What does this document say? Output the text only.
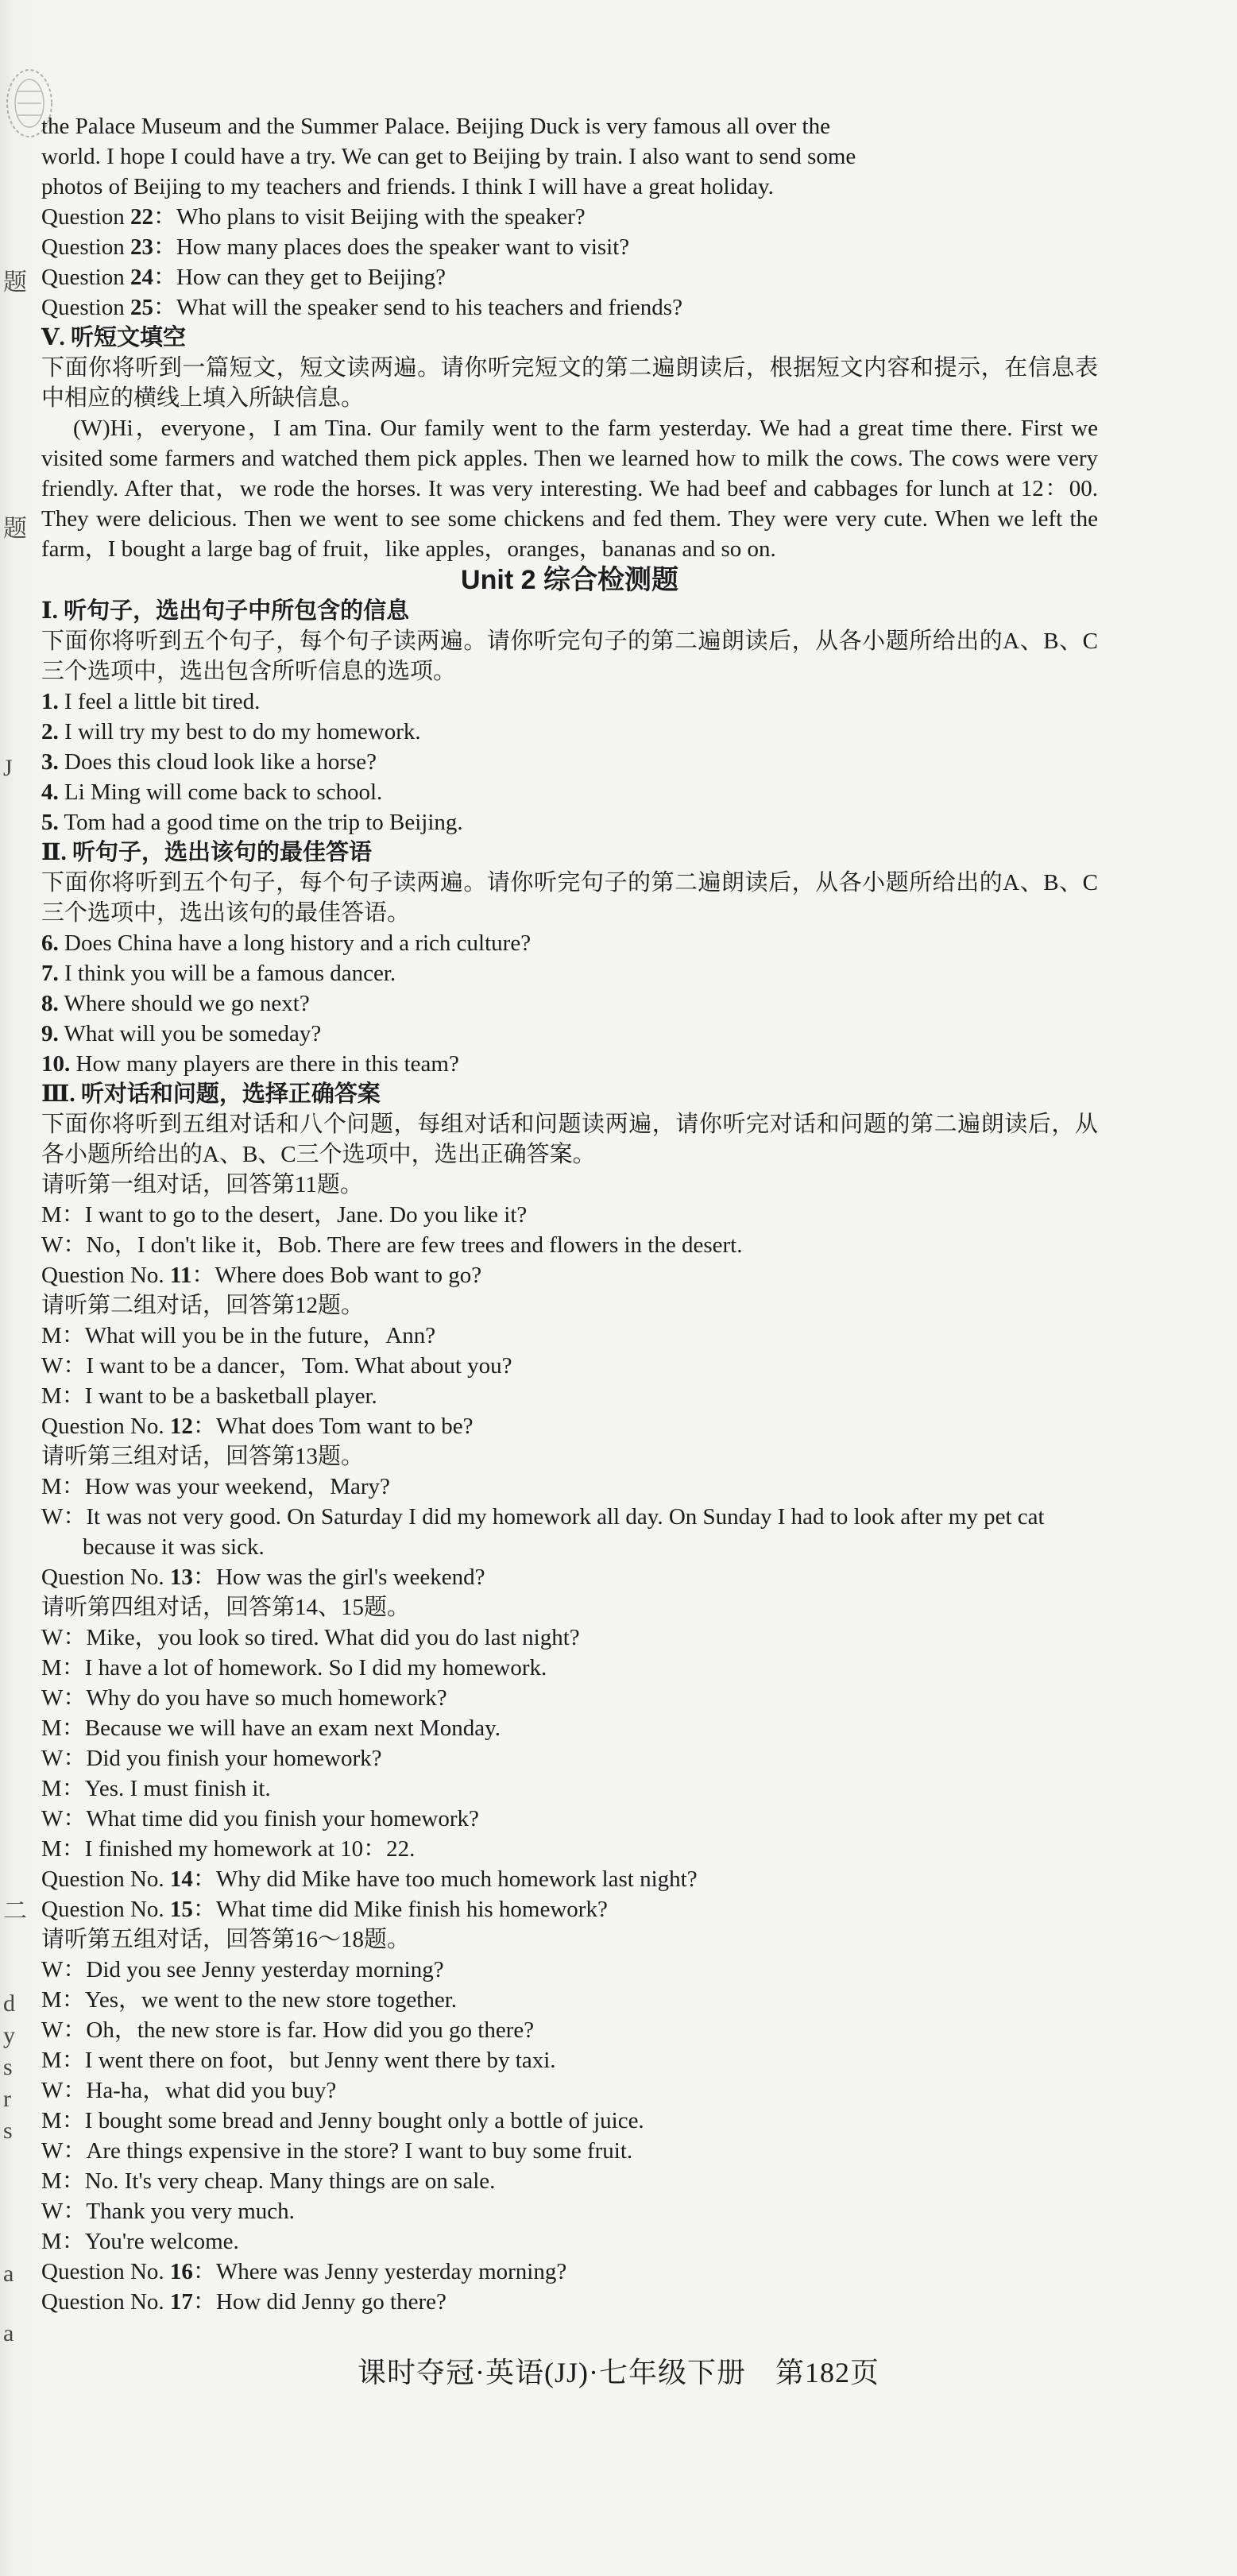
题
题
J
二
d
y
s
r
s
a
a
the Palace Museum and the Summer Palace. Beijing Duck is very famous all over the
world. I hope I could have a try. We can get to Beijing by train. I also want to send some
photos of Beijing to my teachers and friends. I think I will have a great holiday.
Question 22：Who plans to visit Beijing with the speaker?
Question 23：How many places does the speaker want to visit?
Question 24：How can they get to Beijing?
Question 25：What will the speaker send to his teachers and friends?
Ⅴ. 听短文填空
下面你将听到一篇短文，短文读两遍。请你听完短文的第二遍朗读后，根据短文内容和提示，在信息表中相应的横线上填入所缺信息。
(W)Hi，everyone，I am Tina. Our family went to the farm yesterday. We had a great time there. First we visited some farmers and watched them pick apples. Then we learned how to milk the cows. The cows were very friendly. After that，we rode the horses. It was very interesting. We had beef and cabbages for lunch at 12：00. They were delicious. Then we went to see some chickens and fed them. They were very cute. When we left the farm，I bought a large bag of fruit，like apples，oranges，bananas and so on.
Unit 2 综合检测题
Ⅰ. 听句子，选出句子中所包含的信息
下面你将听到五个句子，每个句子读两遍。请你听完句子的第二遍朗读后，从各小题所给出的A、B、C三个选项中，选出包含所听信息的选项。
1. I feel a little bit tired.
2. I will try my best to do my homework.
3. Does this cloud look like a horse?
4. Li Ming will come back to school.
5. Tom had a good time on the trip to Beijing.
Ⅱ. 听句子，选出该句的最佳答语
下面你将听到五个句子，每个句子读两遍。请你听完句子的第二遍朗读后，从各小题所给出的A、B、C三个选项中，选出该句的最佳答语。
6. Does China have a long history and a rich culture?
7. I think you will be a famous dancer.
8. Where should we go next?
9. What will you be someday?
10. How many players are there in this team?
Ⅲ. 听对话和问题，选择正确答案
下面你将听到五组对话和八个问题，每组对话和问题读两遍，请你听完对话和问题的第二遍朗读后，从各小题所给出的A、B、C三个选项中，选出正确答案。
请听第一组对话，回答第11题。
M：I want to go to the desert，Jane. Do you like it?
W：No，I don't like it，Bob. There are few trees and flowers in the desert.
Question No. 11：Where does Bob want to go?
请听第二组对话，回答第12题。
M：What will you be in the future，Ann?
W：I want to be a dancer，Tom. What about you?
M：I want to be a basketball player.
Question No. 12：What does Tom want to be?
请听第三组对话，回答第13题。
M：How was your weekend，Mary?
W：It was not very good. On Saturday I did my homework all day. On Sunday I had to look after my pet cat because it was sick.
Question No. 13：How was the girl's weekend?
请听第四组对话，回答第14、15题。
W：Mike，you look so tired. What did you do last night?
M：I have a lot of homework. So I did my homework.
W：Why do you have so much homework?
M：Because we will have an exam next Monday.
W：Did you finish your homework?
M：Yes. I must finish it.
W：What time did you finish your homework?
M：I finished my homework at 10：22.
Question No. 14：Why did Mike have too much homework last night?
Question No. 15：What time did Mike finish his homework?
请听第五组对话，回答第16～18题。
W：Did you see Jenny yesterday morning?
M：Yes，we went to the new store together.
W：Oh，the new store is far. How did you go there?
M：I went there on foot，but Jenny went there by taxi.
W：Ha-ha，what did you buy?
M：I bought some bread and Jenny bought only a bottle of juice.
W：Are things expensive in the store? I want to buy some fruit.
M：No. It's very cheap. Many things are on sale.
W：Thank you very much.
M：You're welcome.
Question No. 16：Where was Jenny yesterday morning?
Question No. 17：How did Jenny go there?
课时夺冠·英语(JJ)·七年级下册　第182页
